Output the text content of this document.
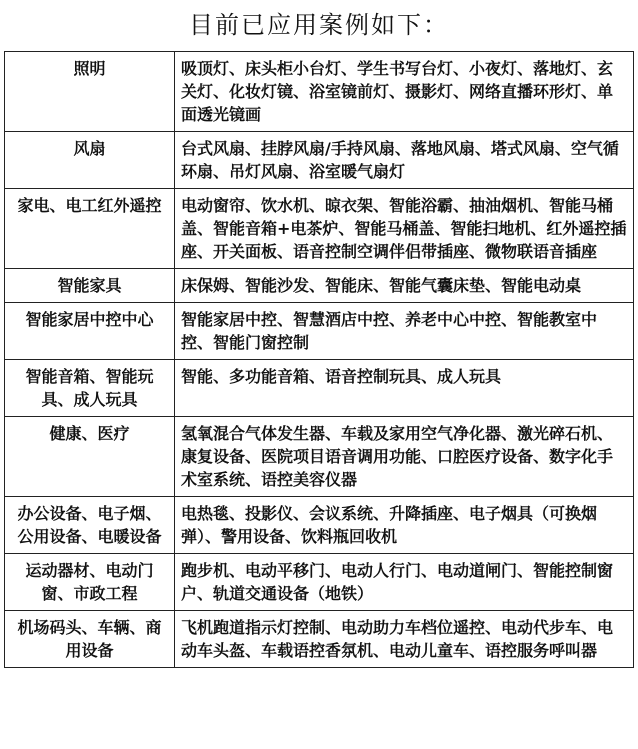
目前已应用案例如下：
照明	吸顶灯、床头柜小台灯、学生书写台灯、小夜灯、落地灯、玄关灯、化妆灯镜、浴室镜前灯、摄影灯、网络直播环形灯、单面透光镜画
风扇	台式风扇、挂脖风扇/手持风扇、落地风扇、塔式风扇、空气循环扇、吊灯风扇、浴室暖气扇灯
家电、电工红外遥控	电动窗帘、饮水机、晾衣架、智能浴霸、抽油烟机、智能马桶盖、智能音箱+电茶炉、智能马桶盖、智能扫地机、红外遥控插座、开关面板、语音控制空调伴侣带插座、微物联语音插座
智能家具	床保姆、智能沙发、智能床、智能气囊床垫、智能电动桌
智能家居中控中心	智能家居中控、智慧酒店中控、养老中心中控、智能教室中控、智能门窗控制
智能音箱、智能玩具、成人玩具	智能、多功能音箱、语音控制玩具、成人玩具
健康、医疗	氢氧混合气体发生器、车载及家用空气净化器、激光碎石机、康复设备、医院项目语音调用功能、口腔医疗设备、数字化手术室系统、语控美容仪器
办公设备、电子烟、公用设备、电暖设备	电热毯、投影仪、会议系统、升降插座、电子烟具（可换烟弹）、警用设备、饮料瓶回收机
运动器材、电动门窗、市政工程	跑步机、电动平移门、电动人行门、电动道闸门、智能控制窗户、轨道交通设备（地铁）
机场码头、车辆、商用设备	飞机跑道指示灯控制、电动助力车档位遥控、电动代步车、电动车头盔、车载语控香氛机、电动儿童车、语控服务呼叫器
